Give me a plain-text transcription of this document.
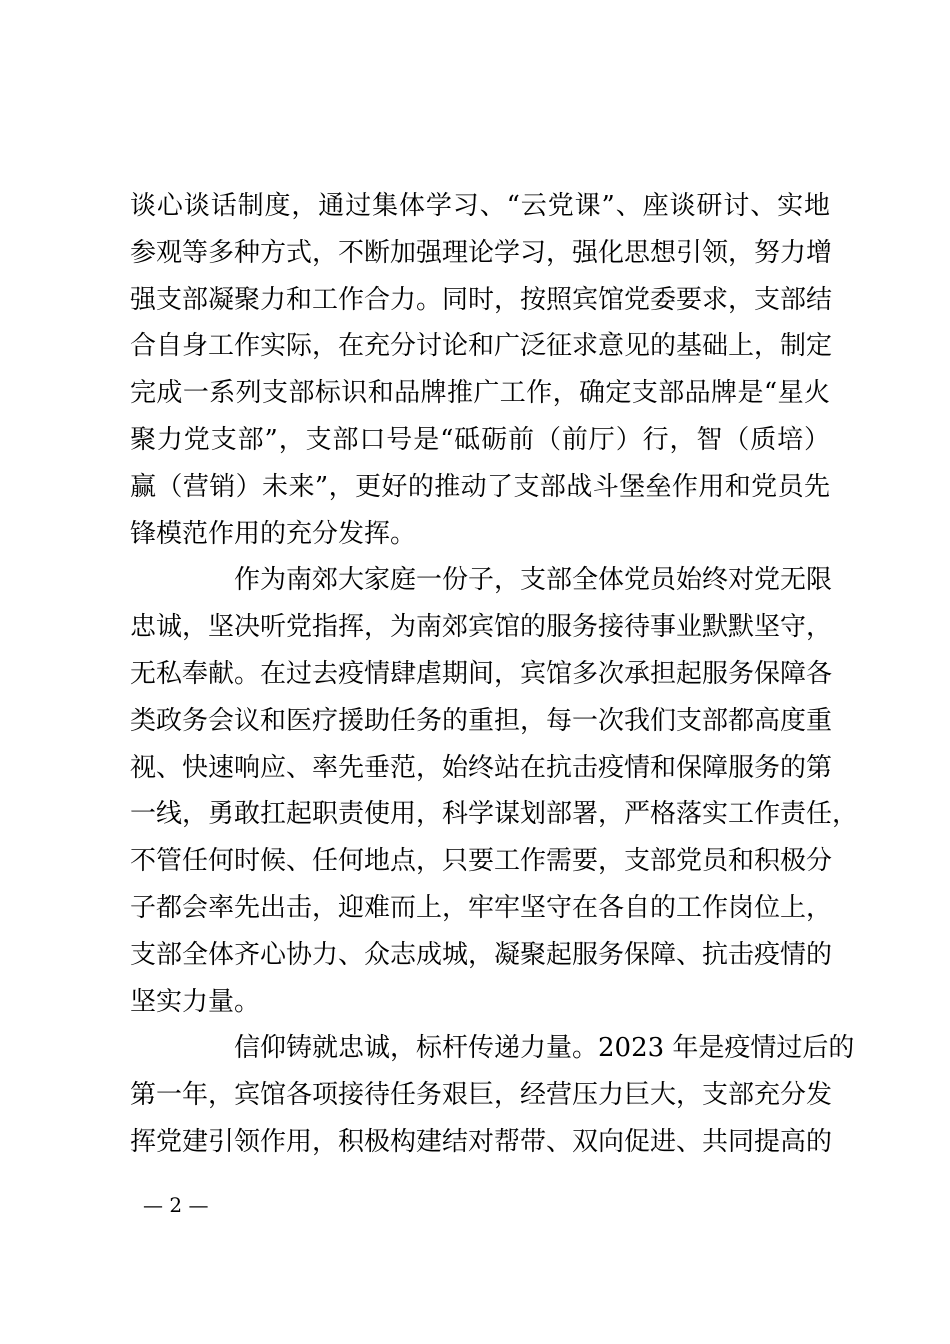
谈心谈话制度，通过集体学习、“云党课”、座谈研讨、实地
参观等多种方式，不断加强理论学习，强化思想引领，努力增
强支部凝聚力和工作合力。同时，按照宾馆党委要求，支部结
合自身工作实际，在充分讨论和广泛征求意见的基础上，制定
完成一系列支部标识和品牌推广工作，确定支部品牌是“星火
聚力党支部”，支部口号是“砥砺前（前厅）行，智（质培）
赢（营销）未来”，更好的推动了支部战斗堡垒作用和党员先
锋模范作用的充分发挥。
作为南郊大家庭一份子，支部全体党员始终对党无限
忠诚，坚决听党指挥，为南郊宾馆的服务接待事业默默坚守，
无私奉献。在过去疫情肆虐期间，宾馆多次承担起服务保障各
类政务会议和医疗援助任务的重担，每一次我们支部都高度重
视、快速响应、率先垂范，始终站在抗击疫情和保障服务的第
一线，勇敢扛起职责使用，科学谋划部署，严格落实工作责任，
不管任何时候、任何地点，只要工作需要，支部党员和积极分
子都会率先出击，迎难而上，牢牢坚守在各自的工作岗位上，
支部全体齐心协力、众志成城，凝聚起服务保障、抗击疫情的
坚实力量。
信仰铸就忠诚，标杆传递力量。2023 年是疫情过后的
第一年，宾馆各项接待任务艰巨，经营压力巨大，支部充分发
挥党建引领作用，积极构建结对帮带、双向促进、共同提高的
— 2 —
